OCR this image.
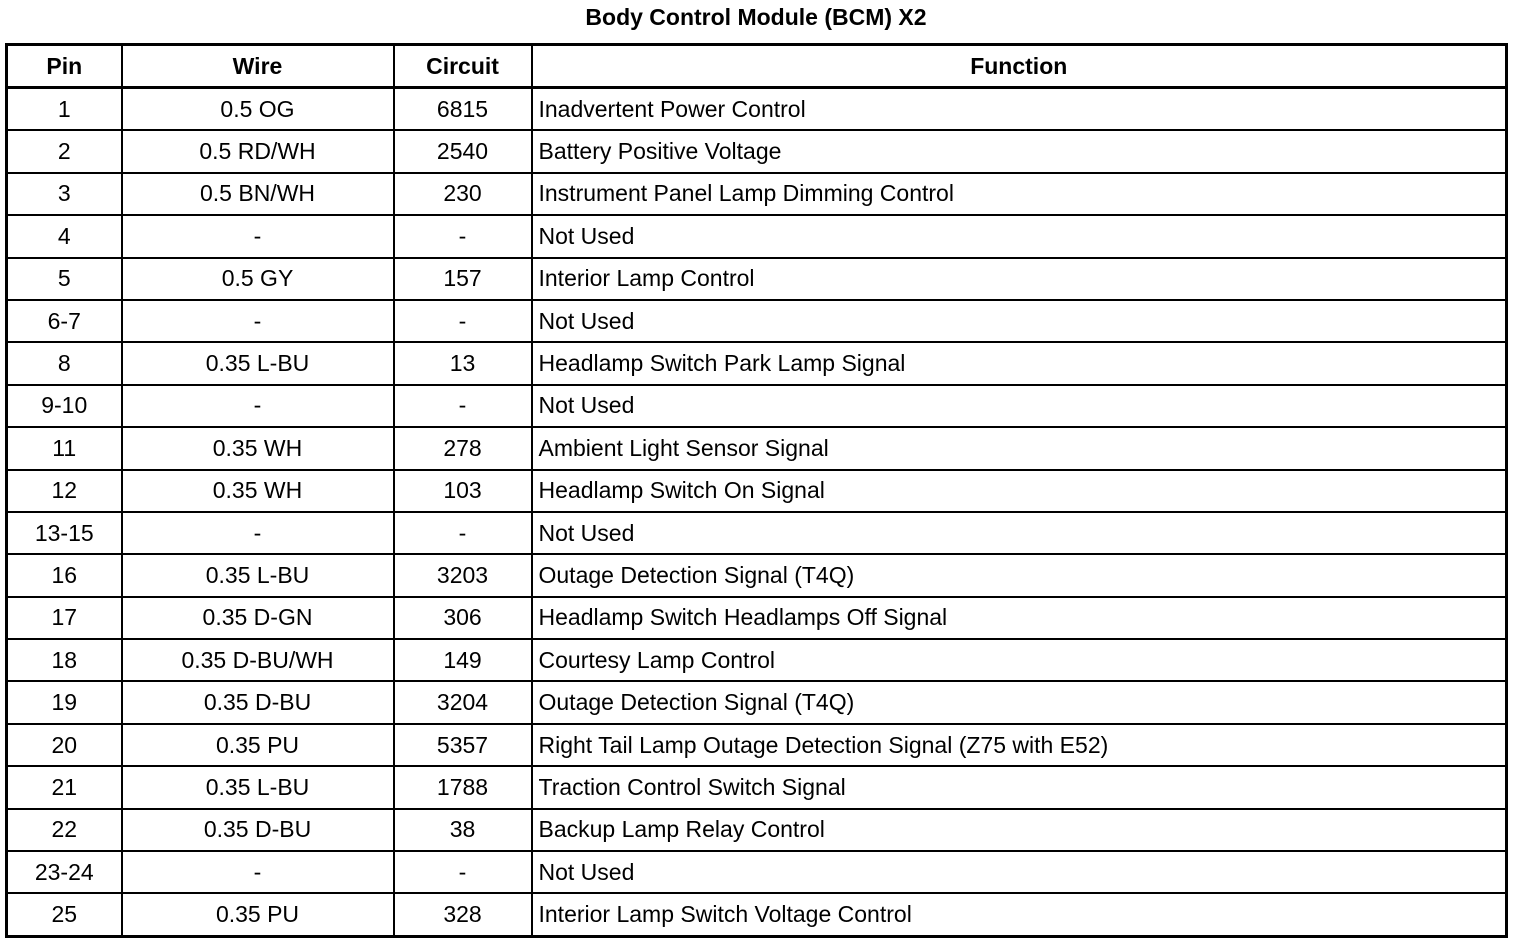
Body Control Module (BCM) X2
Pin	Wire	Circuit	Function
1	0.5 OG	6815	Inadvertent Power Control
2	0.5 RD/WH	2540	Battery Positive Voltage
3	0.5 BN/WH	230	Instrument Panel Lamp Dimming Control
4	-	-	Not Used
5	0.5 GY	157	Interior Lamp Control
6-7	-	-	Not Used
8	0.35 L-BU	13	Headlamp Switch Park Lamp Signal
9-10	-	-	Not Used
11	0.35 WH	278	Ambient Light Sensor Signal
12	0.35 WH	103	Headlamp Switch On Signal
13-15	-	-	Not Used
16	0.35 L-BU	3203	Outage Detection Signal (T4Q)
17	0.35 D-GN	306	Headlamp Switch Headlamps Off Signal
18	0.35 D-BU/WH	149	Courtesy Lamp Control
19	0.35 D-BU	3204	Outage Detection Signal (T4Q)
20	0.35 PU	5357	Right Tail Lamp Outage Detection Signal (Z75 with E52)
21	0.35 L-BU	1788	Traction Control Switch Signal
22	0.35 D-BU	38	Backup Lamp Relay Control
23-24	-	-	Not Used
25	0.35 PU	328	Interior Lamp Switch Voltage Control
